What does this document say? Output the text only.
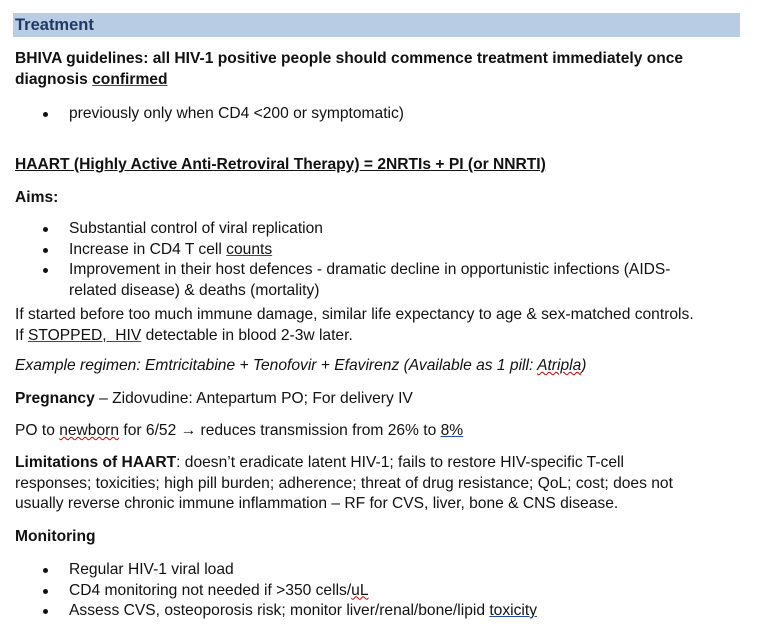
Treatment
BHIVA guidelines: all HIV-1 positive people should commence treatment immediately once
diagnosis confirmed
previously only when CD4 <200 or symptomatic)
HAART (Highly Active Anti-Retroviral Therapy) = 2NRTIs + PI (or NNRTI)
Aims:
Substantial control of viral replication
Increase in CD4 T cell counts
Improvement in their host defences - dramatic decline in opportunistic infections (AIDS-
related disease) & deaths (mortality)
If started before too much immune damage, similar life expectancy to age & sex-matched controls.
If STOPPED, HIV detectable in blood 2-3w later.
Example regimen: Emtricitabine + Tenofovir + Efavirenz (Available as 1 pill: Atripla)
Pregnancy – Zidovudine: Antepartum PO; For delivery IV
PO to newborn for 6/52 → reduces transmission from 26% to 8%
Limitations of HAART: doesn’t eradicate latent HIV-1; fails to restore HIV-specific T-cell
responses; toxicities; high pill burden; adherence; threat of drug resistance; QoL; cost; does not
usually reverse chronic immune inflammation – RF for CVS, liver, bone & CNS disease.
Monitoring
Regular HIV-1 viral load
CD4 monitoring not needed if >350 cells/uL
Assess CVS, osteoporosis risk; monitor liver/renal/bone/lipid toxicity
